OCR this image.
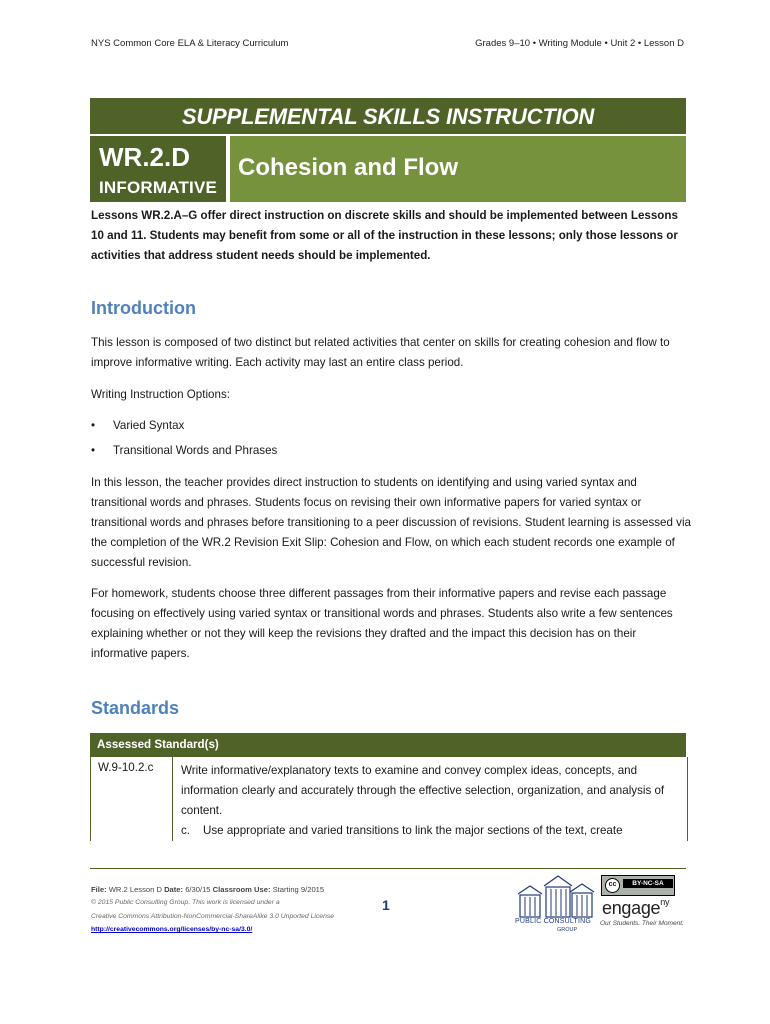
NYS Common Core ELA & Literacy Curriculum	Grades 9–10 • Writing Module • Unit 2 • Lesson D
SUPPLEMENTAL SKILLS INSTRUCTION
WR.2.D
INFORMATIVE
Cohesion and Flow
Lessons WR.2.A–G offer direct instruction on discrete skills and should be implemented between Lessons 10 and 11. Students may benefit from some or all of the instruction in these lessons; only those lessons or activities that address student needs should be implemented.
Introduction
This lesson is composed of two distinct but related activities that center on skills for creating cohesion and flow to improve informative writing. Each activity may last an entire class period.
Writing Instruction Options:
• Varied Syntax
• Transitional Words and Phrases
In this lesson, the teacher provides direct instruction to students on identifying and using varied syntax and transitional words and phrases. Students focus on revising their own informative papers for varied syntax or transitional words and phrases before transitioning to a peer discussion of revisions. Student learning is assessed via the completion of the WR.2 Revision Exit Slip: Cohesion and Flow, on which each student records one example of successful revision.
For homework, students choose three different passages from their informative papers and revise each passage focusing on effectively using varied syntax or transitional words and phrases. Students also write a few sentences explaining whether or not they will keep the revisions they drafted and the impact this decision has on their informative papers.
Standards
Assessed Standard(s)
W.9-10.2.c	Write informative/explanatory texts to examine and convey complex ideas, concepts, and information clearly and accurately through the effective selection, organization, and analysis of content.
c. Use appropriate and varied transitions to link the major sections of the text, create
File: WR.2 Lesson D Date: 6/30/15 Classroom Use: Starting 9/2015
© 2015 Public Consulting Group. This work is licensed under a
Creative Commons Attribution-NonCommercial-ShareAlike 3.0 Unported License
http://creativecommons.org/licenses/by-nc-sa/3.0/
1
PUBLIC CONSULTING
GROUP
cc	BY-NC-SA
engage$^{ny}$
Our Students. Their Moment.
